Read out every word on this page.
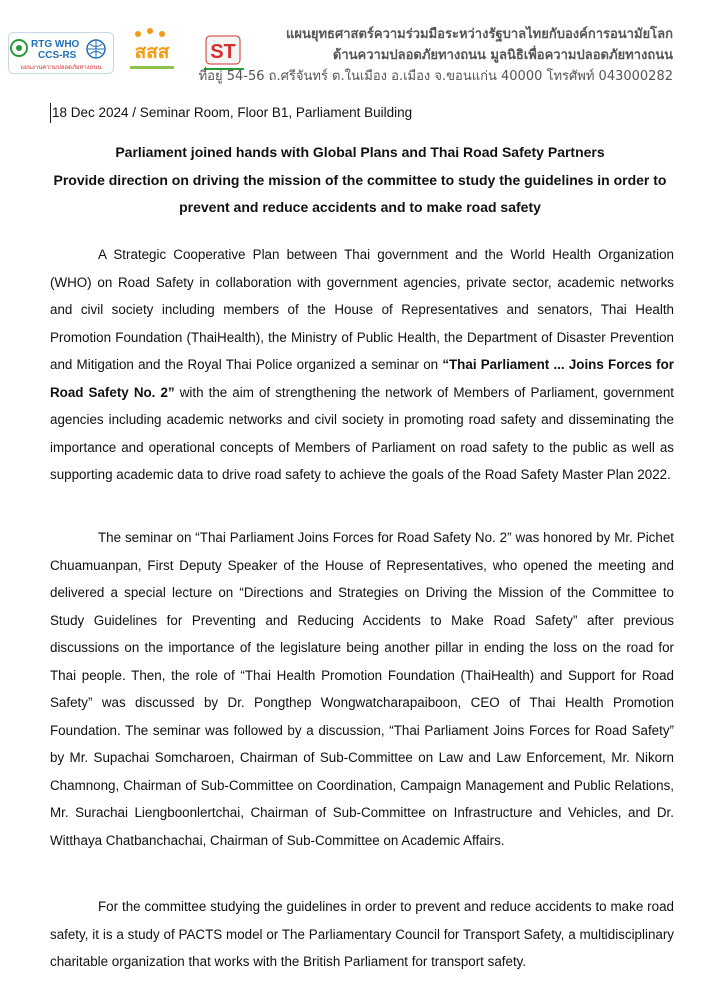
RTG WHO
CCS-RS
แผนงานความปลอดภัยทางถนน
สสส ST
แผนยุทธศาสตร์ความร่วมมือระหว่างรัฐบาลไทยกับองค์การอนามัยโลก
ด้านความปลอดภัยทางถนน มูลนิธิเพื่อความปลอดภัยทางถนน
ที่อยู่ 54-56 ถ.ศรีจันทร์ ต.ในเมือง อ.เมือง จ.ขอนแก่น 40000 โทรศัพท์ 043000282
18 Dec 2024 / Seminar Room, Floor B1, Parliament Building
Parliament joined hands with Global Plans and Thai Road Safety Partners
Provide direction on driving the mission of the committee to study the guidelines in order to prevent and reduce accidents and to make road safety

A Strategic Cooperative Plan between Thai government and the World Health Organization (WHO) on Road Safety in collaboration with government agencies, private sector, academic networks and civil society including members of the House of Representatives and senators, Thai Health Promotion Foundation (ThaiHealth), the Ministry of Public Health, the Department of Disaster Prevention and Mitigation and the Royal Thai Police organized a seminar on “Thai Parliament ... Joins Forces for Road Safety No. 2” with the aim of strengthening the network of Members of Parliament, government agencies including academic networks and civil society in promoting road safety and disseminating the importance and operational concepts of Members of Parliament on road safety to the public as well as supporting academic data to drive road safety to achieve the goals of the Road Safety Master Plan 2022.

The seminar on “Thai Parliament Joins Forces for Road Safety No. 2” was honored by Mr. Pichet Chuamuanpan, First Deputy Speaker of the House of Representatives, who opened the meeting and delivered a special lecture on “Directions and Strategies on Driving the Mission of the Committee to Study Guidelines for Preventing and Reducing Accidents to Make Road Safety” after previous discussions on the importance of the legislature being another pillar in ending the loss on the road for Thai people. Then, the role of “Thai Health Promotion Foundation (ThaiHealth) and Support for Road Safety” was discussed by Dr. Pongthep Wongwatcharapaiboon, CEO of Thai Health Promotion Foundation. The seminar was followed by a discussion, “Thai Parliament Joins Forces for Road Safety” by Mr. Supachai Somcharoen, Chairman of Sub-Committee on Law and Law Enforcement, Mr. Nikorn Chamnong, Chairman of Sub-Committee on Coordination, Campaign Management and Public Relations, Mr. Surachai Liengboonlertchai, Chairman of Sub-Committee on Infrastructure and Vehicles, and Dr. Witthaya Chatbanchachai, Chairman of Sub-Committee on Academic Affairs.

For the committee studying the guidelines in order to prevent and reduce accidents to make road safety, it is a study of PACTS model or The Parliamentary Council for Transport Safety, a multidisciplinary charitable organization that works with the British Parliament for transport safety.
